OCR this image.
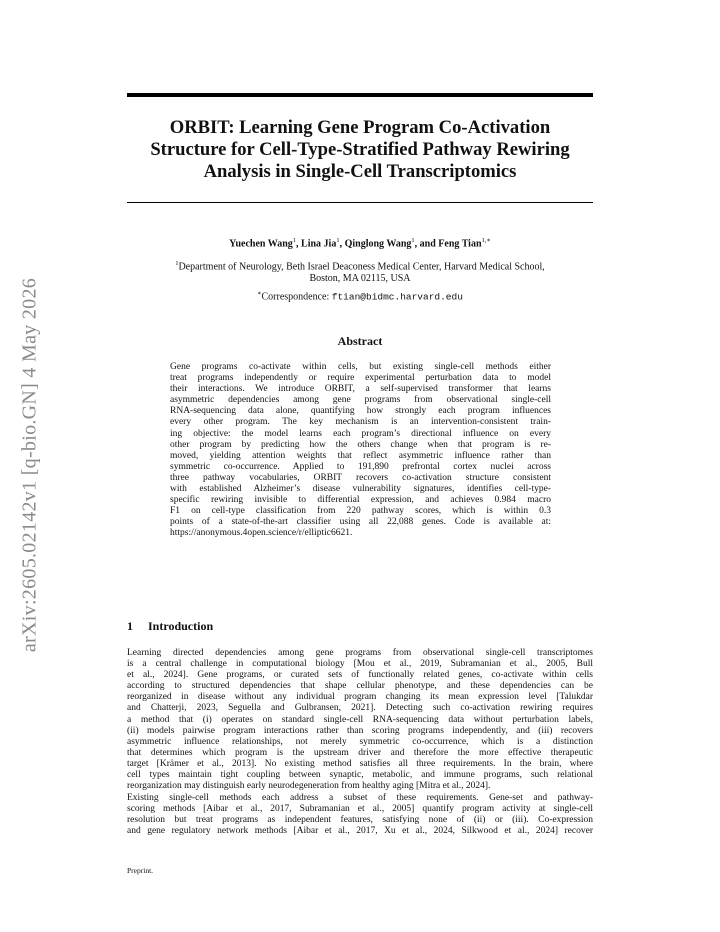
arXiv:2605.02142v1 [q-bio.GN] 4 May 2026
ORBIT: Learning Gene Program Co-Activation
Structure for Cell-Type-Stratified Pathway Rewiring
Analysis in Single-Cell Transcriptomics
Yuechen Wang$^1$, Lina Jia$^1$, Qinglong Wang$^1$, and Feng Tian$^{1,∗}$
$^1$Department of Neurology, Beth Israel Deaconess Medical Center, Harvard Medical School,
Boston, MA 02115, USA
∗Correspondence: ftian@bidmc.harvard.edu
Abstract
Gene programs co-activate within cells, but existing single-cell methods either
treat programs independently or require experimental perturbation data to model
their interactions. We introduce ORBIT, a self-supervised transformer that learns
asymmetric dependencies among gene programs from observational single-cell
RNA-sequencing data alone, quantifying how strongly each program influences
every other program. The key mechanism is an intervention-consistent train-
ing objective: the model learns each program’s directional influence on every
other program by predicting how the others change when that program is re-
moved, yielding attention weights that reflect asymmetric influence rather than
symmetric co-occurrence. Applied to 191,890 prefrontal cortex nuclei across
three pathway vocabularies, ORBIT recovers co-activation structure consistent
with established Alzheimer’s disease vulnerability signatures, identifies cell-type-
specific rewiring invisible to differential expression, and achieves 0.984 macro
F1 on cell-type classification from 220 pathway scores, which is within 0.3
points of a state-of-the-art classifier using all 22,088 genes. Code is available at:
https://anonymous.4open.science/r/elliptic6621.
1 Introduction
Learning directed dependencies among gene programs from observational single-cell transcriptomes
is a central challenge in computational biology [Mou et al., 2019, Subramanian et al., 2005, Bull
et al., 2024]. Gene programs, or curated sets of functionally related genes, co-activate within cells
according to structured dependencies that shape cellular phenotype, and these dependencies can be
reorganized in disease without any individual program changing its mean expression level [Talukdar
and Chatterji, 2023, Seguella and Gulbransen, 2021]. Detecting such co-activation rewiring requires
a method that (i) operates on standard single-cell RNA-sequencing data without perturbation labels,
(ii) models pairwise program interactions rather than scoring programs independently, and (iii) recovers
asymmetric influence relationships, not merely symmetric co-occurrence, which is a distinction
that determines which program is the upstream driver and therefore the more effective therapeutic
target [Krämer et al., 2013]. No existing method satisfies all three requirements. In the brain, where
cell types maintain tight coupling between synaptic, metabolic, and immune programs, such relational
reorganization may distinguish early neurodegeneration from healthy aging [Mitra et al., 2024].
Existing single-cell methods each address a subset of these requirements. Gene-set and pathway-
scoring methods [Aibar et al., 2017, Subramanian et al., 2005] quantify program activity at single-cell
resolution but treat programs as independent features, satisfying none of (ii) or (iii). Co-expression
and gene regulatory network methods [Aibar et al., 2017, Xu et al., 2024, Silkwood et al., 2024] recover
Preprint.
